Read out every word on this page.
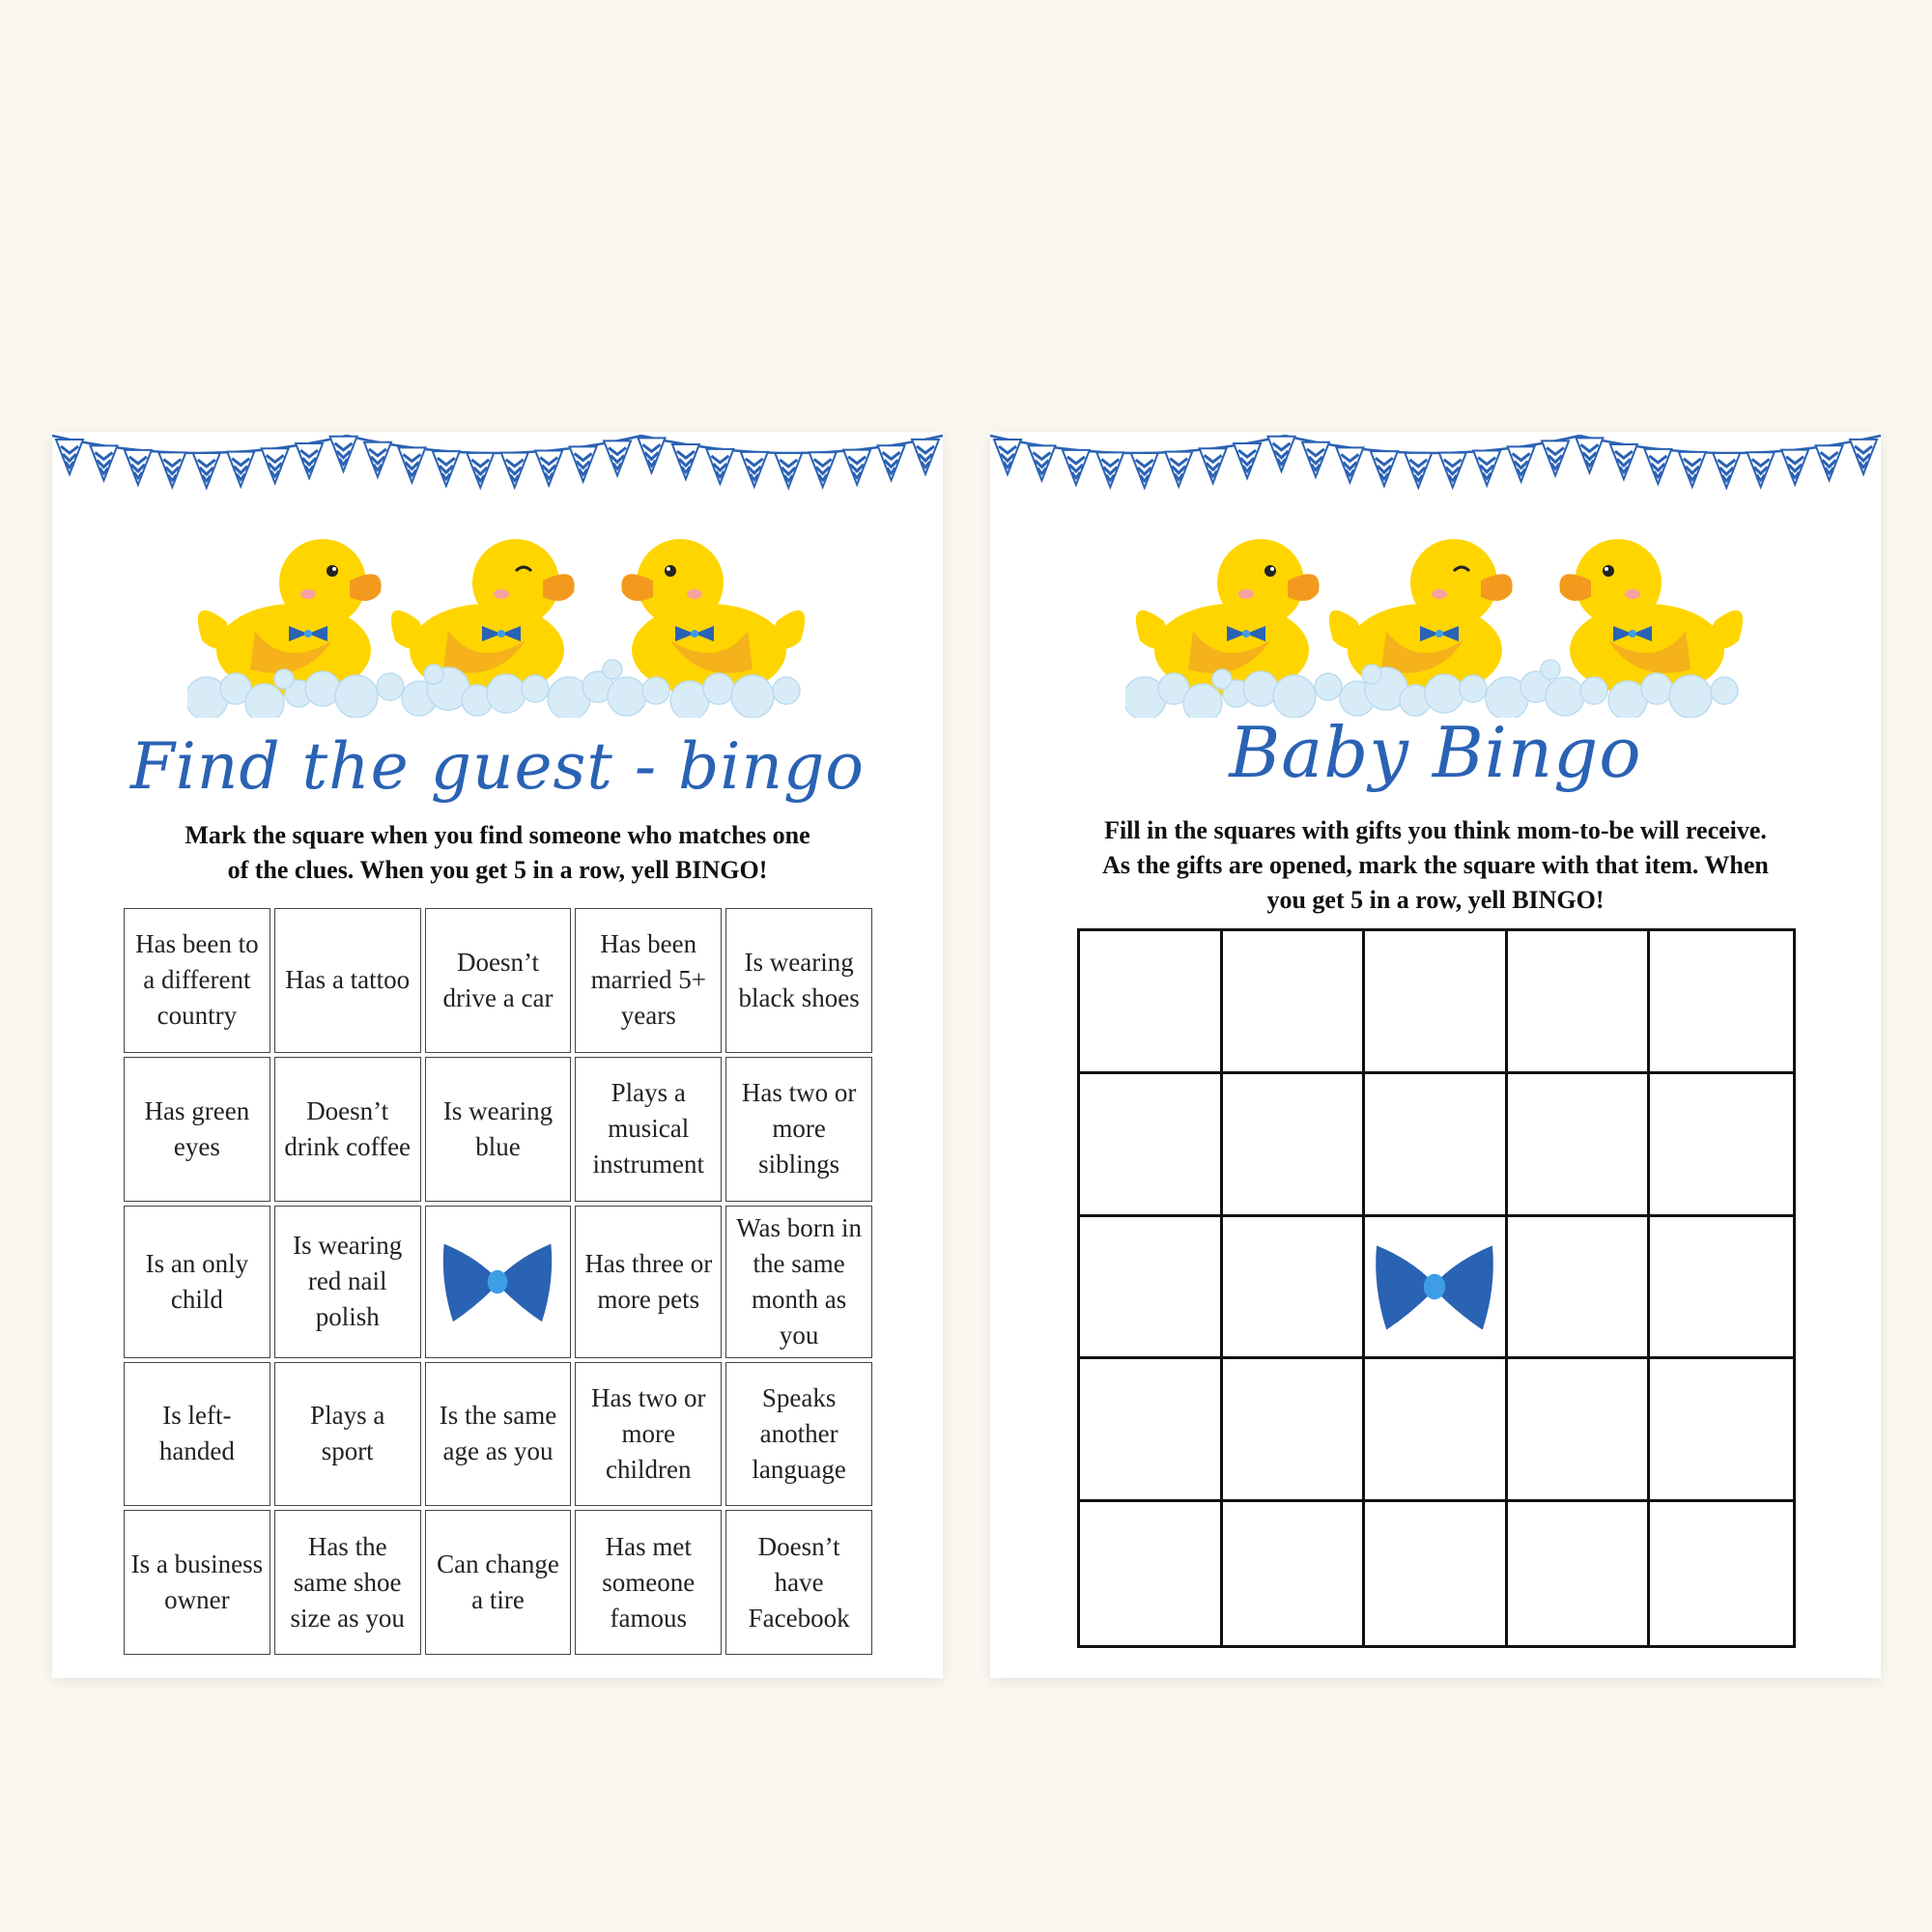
Find the guest - bingo
Mark the square when you find someone who matches one
of the clues. When you get 5 in a row, yell BINGO!
Has been to a different country
Has a tattoo
Doesn’t drive a car
Has been married 5+ years
Is wearing black shoes
Has green eyes
Doesn’t drink coffee
Is wearing blue
Plays a musical instrument
Has two or more siblings
Is an only child
Is wearing red nail polish
Has three or more pets
Was born in the same month as you
Is left-handed
Plays a sport
Is the same age as you
Has two or more children
Speaks another language
Is a business owner
Has the same shoe size as you
Can change a tire
Has met someone famous
Doesn’t have Facebook
Baby Bingo
Fill in the squares with gifts you think mom-to-be will receive.
As the gifts are opened, mark the square with that item. When
you get 5 in a row, yell BINGO!
